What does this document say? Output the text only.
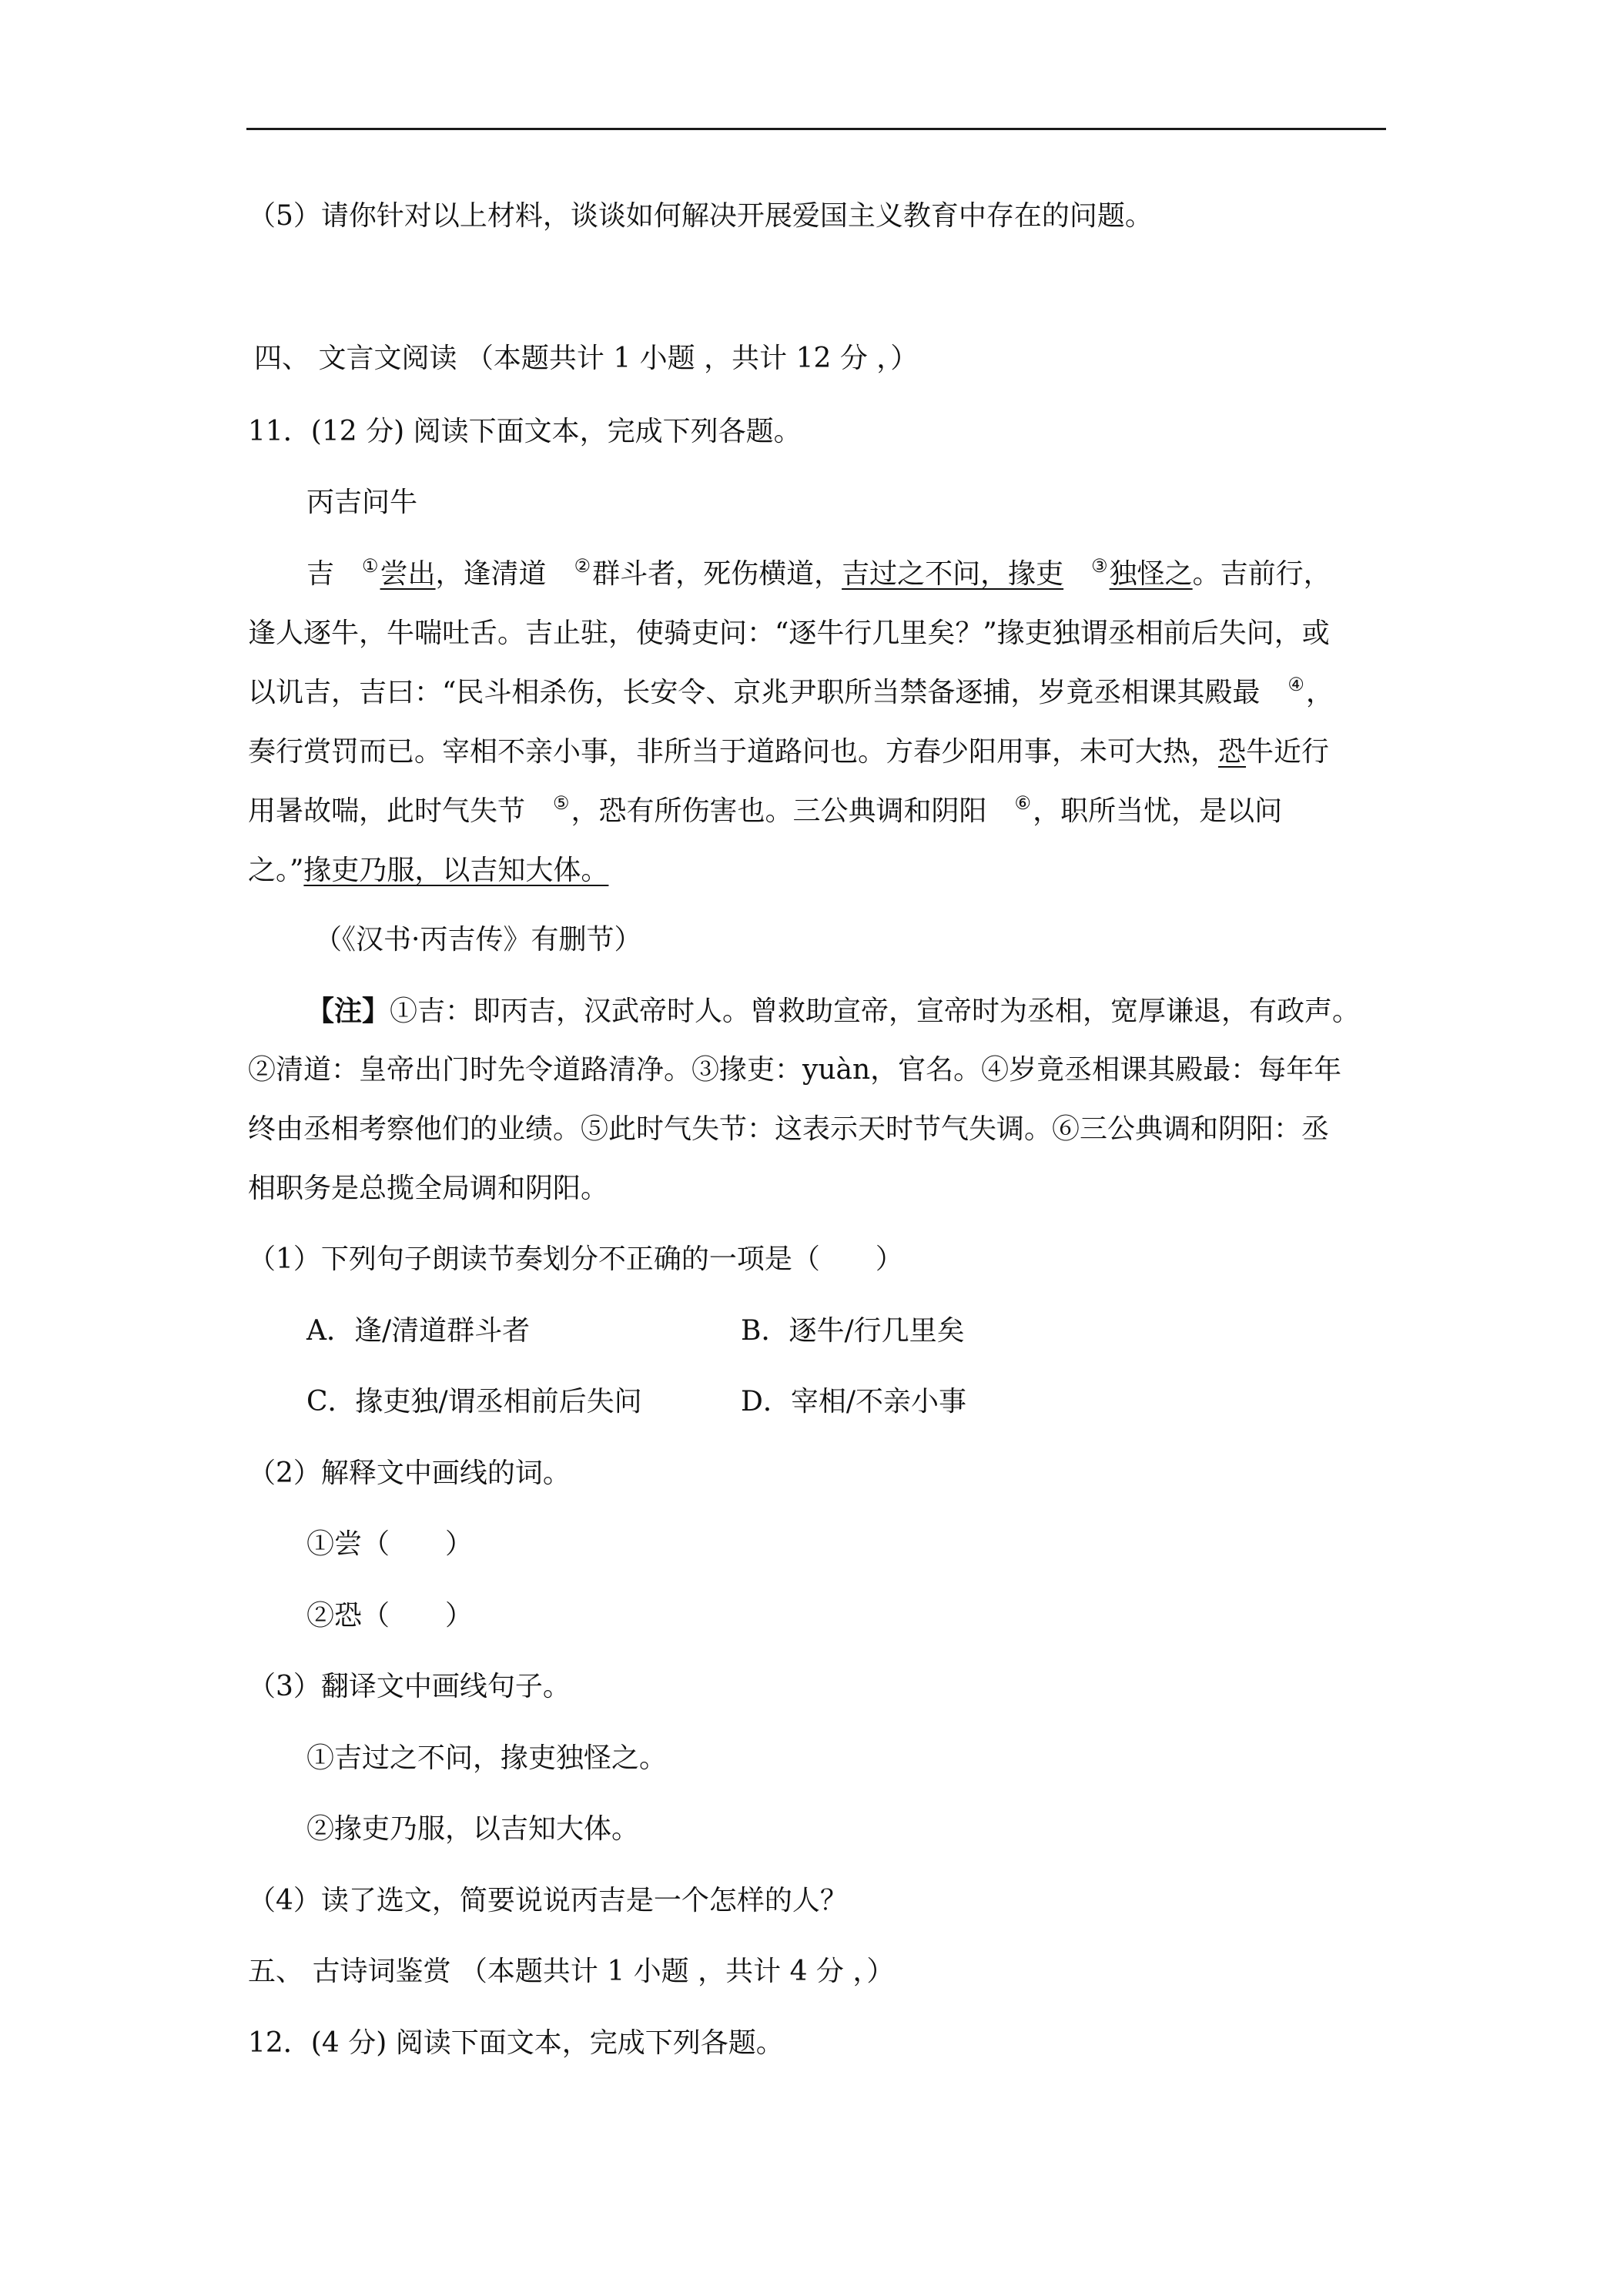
（5）请你针对以上材料，谈谈如何解决开展爱国主义教育中存在的问题。
四、 文言文阅读 （本题共计 1 小题 ，共计 12 分 ，）
11．(12 分) 阅读下面文本，完成下列各题。
丙吉问牛
吉 ①尝出，逢清道 ②群斗者，死伤横道，吉过之不问，掾吏 ③独怪之。吉前行，
逢人逐牛，牛喘吐舌。吉止驻，使骑吏问：“逐牛行几里矣？”掾吏独谓丞相前后失问，或
以讥吉，吉曰：“民斗相杀伤，长安令、京兆尹职所当禁备逐捕，岁竟丞相课其殿最 ④，
奏行赏罚而已。宰相不亲小事，非所当于道路问也。方春少阳用事，未可大热，恐牛近行
用暑故喘，此时气失节 ⑤，恐有所伤害也。三公典调和阴阳 ⑥，职所当忧，是以问
之。”掾吏乃服，以吉知大体。
（《汉书·丙吉传》有删节）
【注】①吉：即丙吉，汉武帝时人。曾救助宣帝，宣帝时为丞相，宽厚谦退，有政声。
②清道：皇帝出门时先令道路清净。③掾吏：yuàn，官名。④岁竟丞相课其殿最：每年年
终由丞相考察他们的业绩。⑤此时气失节：这表示天时节气失调。⑥三公典调和阴阳：丞
相职务是总揽全局调和阴阳。
（1）下列句子朗读节奏划分不正确的一项是（　　）
A．逢/清道群斗者	B．逐牛/行几里矣
C．掾吏独/谓丞相前后失问	D．宰相/不亲小事
（2）解释文中画线的词。
①尝（　　）
②恐（　　）
（3）翻译文中画线句子。
①吉过之不问，掾吏独怪之。
②掾吏乃服，以吉知大体。
（4）读了选文，简要说说丙吉是一个怎样的人？
五、 古诗词鉴赏 （本题共计 1 小题 ，共计 4 分 ，）
12．(4 分) 阅读下面文本，完成下列各题。
